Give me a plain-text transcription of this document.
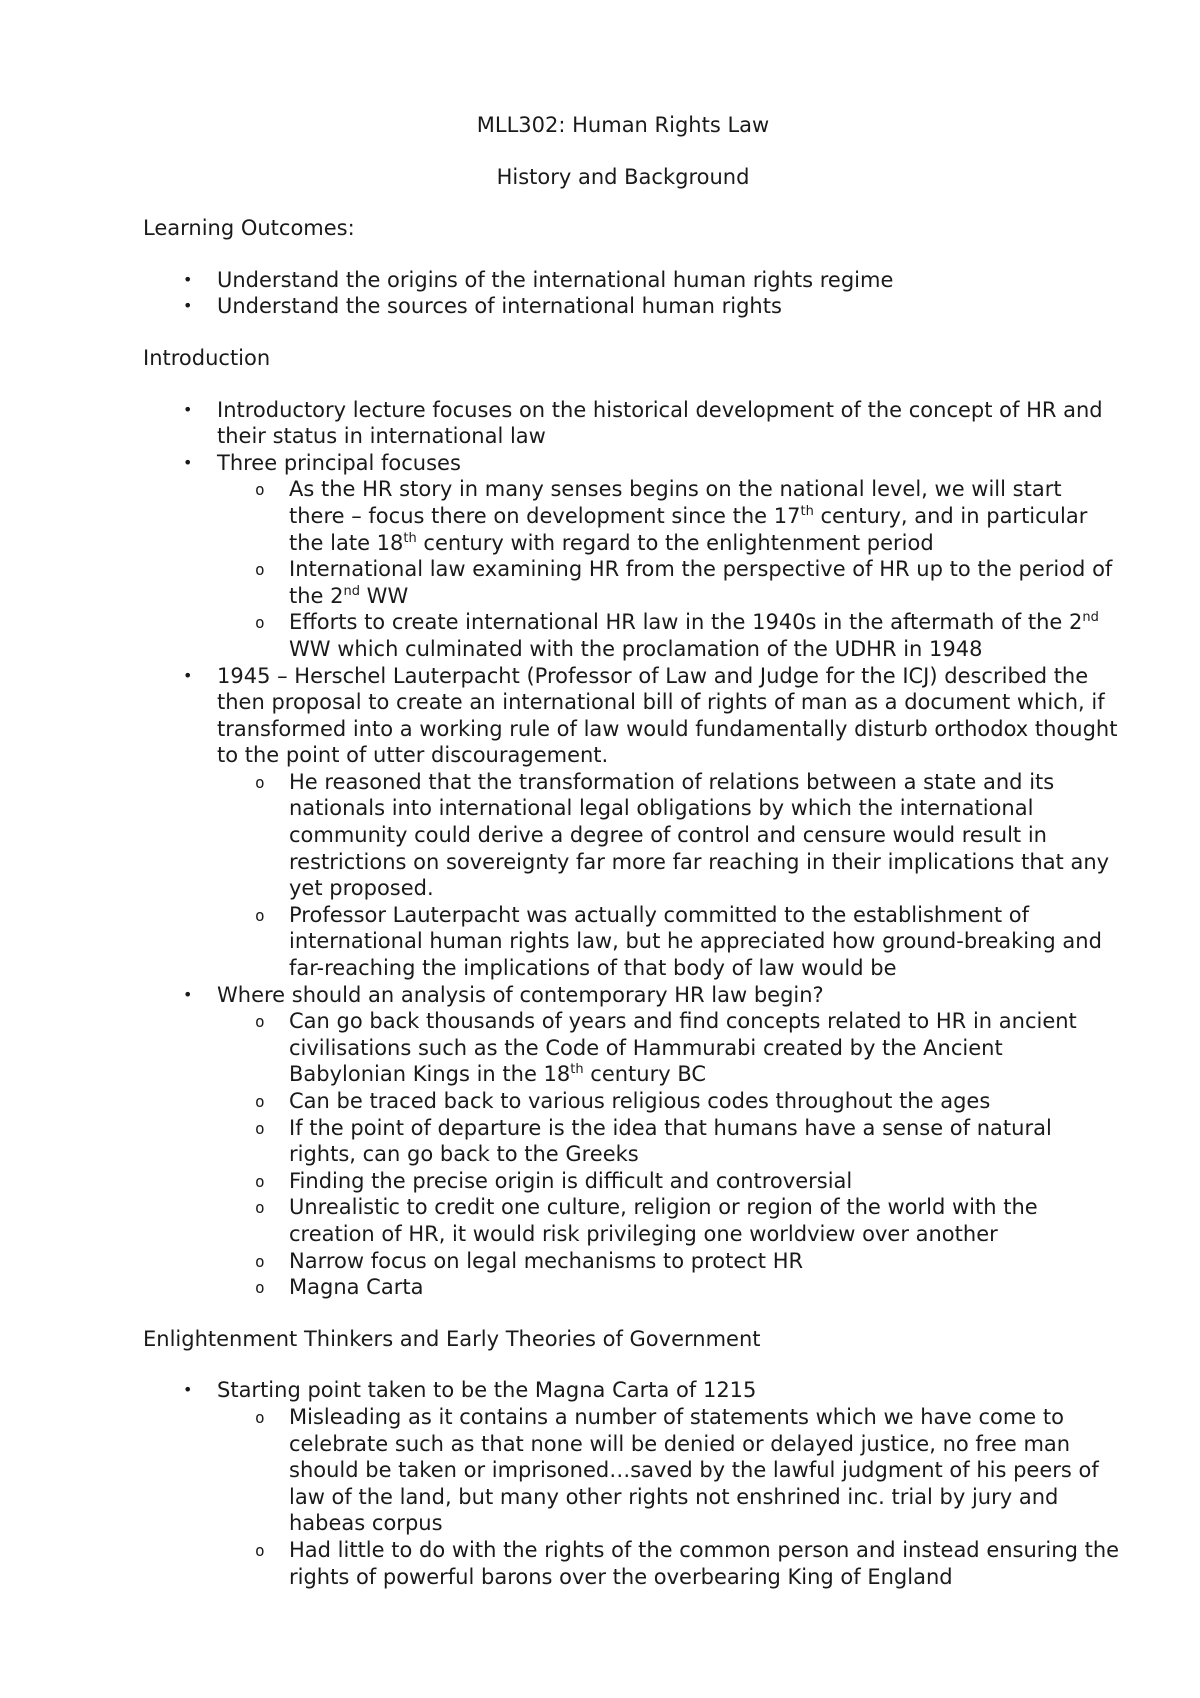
MLL302: Human Rights Law

History and Background

Learning Outcomes:

• Understand the origins of the international human rights regime
• Understand the sources of international human rights

Introduction

• Introductory lecture focuses on the historical development of the concept of HR and their status in international law
• Three principal focuses
o As the HR story in many senses begins on the national level, we will start there – focus there on development since the 17th century, and in particular the late 18th century with regard to the enlightenment period
o International law examining HR from the perspective of HR up to the period of the 2nd WW
o Efforts to create international HR law in the 1940s in the aftermath of the 2nd WW which culminated with the proclamation of the UDHR in 1948
• 1945 – Herschel Lauterpacht (Professor of Law and Judge for the ICJ) described the then proposal to create an international bill of rights of man as a document which, if transformed into a working rule of law would fundamentally disturb orthodox thought to the point of utter discouragement.
o He reasoned that the transformation of relations between a state and its nationals into international legal obligations by which the international community could derive a degree of control and censure would result in restrictions on sovereignty far more far reaching in their implications that any yet proposed.
o Professor Lauterpacht was actually committed to the establishment of international human rights law, but he appreciated how ground-breaking and far-reaching the implications of that body of law would be
• Where should an analysis of contemporary HR law begin?
o Can go back thousands of years and find concepts related to HR in ancient civilisations such as the Code of Hammurabi created by the Ancient Babylonian Kings in the 18th century BC
o Can be traced back to various religious codes throughout the ages
o If the point of departure is the idea that humans have a sense of natural rights, can go back to the Greeks
o Finding the precise origin is difficult and controversial
o Unrealistic to credit one culture, religion or region of the world with the creation of HR, it would risk privileging one worldview over another
o Narrow focus on legal mechanisms to protect HR
o Magna Carta

Enlightenment Thinkers and Early Theories of Government

• Starting point taken to be the Magna Carta of 1215
o Misleading as it contains a number of statements which we have come to celebrate such as that none will be denied or delayed justice, no free man should be taken or imprisoned…saved by the lawful judgment of his peers of law of the land, but many other rights not enshrined inc. trial by jury and habeas corpus
o Had little to do with the rights of the common person and instead ensuring the rights of powerful barons over the overbearing King of England
